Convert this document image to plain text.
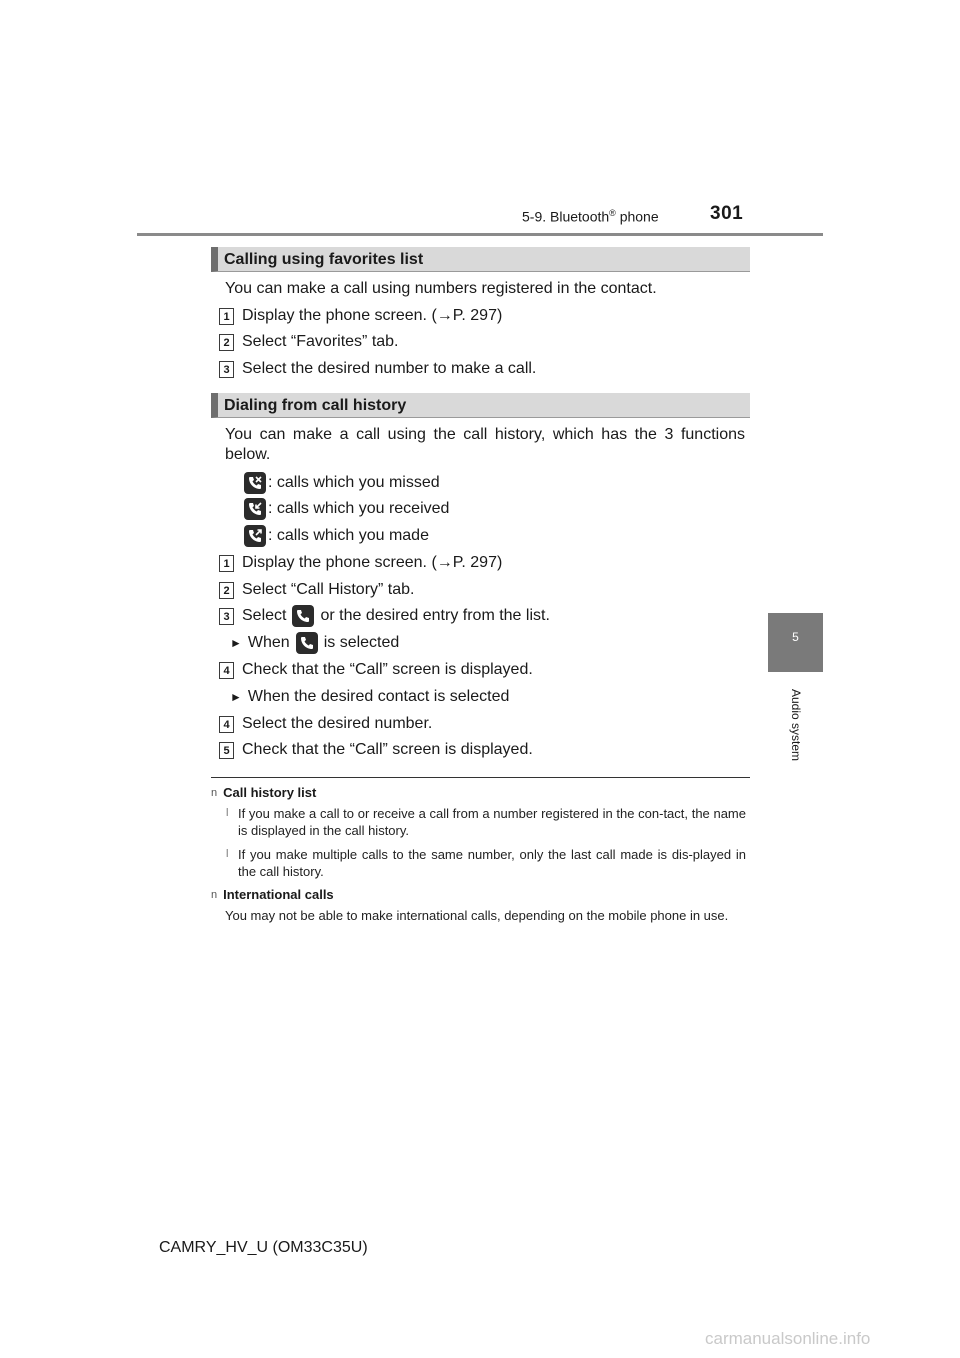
5-9. Bluetooth® phone	301
5
Audio system
Calling using favorites list
You can make a call using numbers registered in the contact.
1 Display the phone screen. (→P. 297)
2 Select “Favorites” tab.
3 Select the desired number to make a call.
Dialing from call history
You can make a call using the call history, which has the 3 functions below.
: calls which you missed
: calls which you received
: calls which you made
1 Display the phone screen. (→P. 297)
2 Select “Call History” tab.
3 Select or the desired entry from the list.
► When is selected
4 Check that the “Call” screen is displayed.
► When the desired contact is selected
4 Select the desired number.
5 Check that the “Call” screen is displayed.
n Call history list
l If you make a call to or receive a call from a number registered in the con-tact, the name is displayed in the call history.
l If you make multiple calls to the same number, only the last call made is dis-played in the call history.
n International calls
You may not be able to make international calls, depending on the mobile phone in use.
CAMRY_HV_U (OM33C35U)
carmanualsonline.info
